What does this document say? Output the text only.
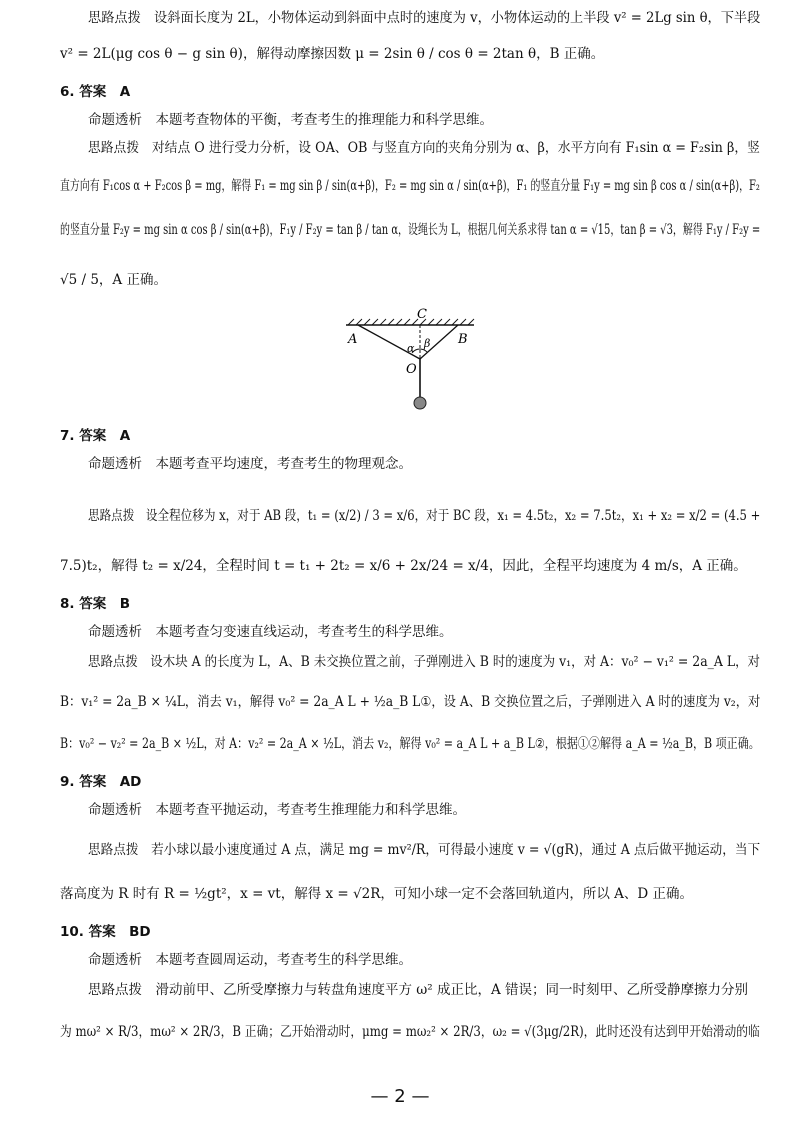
思路点拨　设斜面长度为 2L，小物体运动到斜面中点时的速度为 v，小物体运动的上半段 v² = 2Lg sin θ，下半段
v² = 2L(μg cos θ − g sin θ)，解得动摩擦因数 μ = 2sin θ / cos θ = 2tan θ，B 正确。
6. 答案　A
命题透析　本题考查物体的平衡，考查考生的推理能力和科学思维。
思路点拨　对结点 O 进行受力分析，设 OA、OB 与竖直方向的夹角分别为 α、β，水平方向有 F₁sin α = F₂sin β，竖
直方向有 F₁cos α + F₂cos β = mg，解得 F₁ = mg sin β / sin(α+β)，F₂ = mg sin α / sin(α+β)，F₁ 的竖直分量 F₁y = mg sin β cos α / sin(α+β)，F₂
的竖直分量 F₂y = mg sin α cos β / sin(α+β)，F₁y / F₂y = tan β / tan α，设绳长为 L，根据几何关系求得 tan α = √15，tan β = √3，解得 F₁y / F₂y =
√5 / 5，A 正确。
C
A	B
O
α β
7. 答案　A
命题透析　本题考查平均速度，考查考生的物理观念。
思路点拨　设全程位移为 x，对于 AB 段，t₁ = (x/2) / 3 = x/6，对于 BC 段，x₁ = 4.5t₂，x₂ = 7.5t₂，x₁ + x₂ = x/2 = (4.5 +
7.5)t₂，解得 t₂ = x/24，全程时间 t = t₁ + 2t₂ = x/6 + 2x/24 = x/4，因此，全程平均速度为 4 m/s，A 正确。
8. 答案　B
命题透析　本题考查匀变速直线运动，考查考生的科学思维。
思路点拨　设木块 A 的长度为 L，A、B 未交换位置之前，子弹刚进入 B 时的速度为 v₁，对 A：v₀² − v₁² = 2a_A L，对
B：v₁² = 2a_B × ¼L，消去 v₁，解得 v₀² = 2a_A L + ½a_B L①，设 A、B 交换位置之后，子弹刚进入 A 时的速度为 v₂，对
B：v₀² − v₂² = 2a_B × ½L，对 A：v₂² = 2a_A × ½L，消去 v₂，解得 v₀² = a_A L + a_B L②，根据①②解得 a_A = ½a_B，B 项正确。
9. 答案　AD
命题透析　本题考查平抛运动，考查考生推理能力和科学思维。
思路点拨　若小球以最小速度通过 A 点，满足 mg = mv²/R，可得最小速度 v = √(gR)，通过 A 点后做平抛运动，当下
落高度为 R 时有 R = ½gt²，x = vt，解得 x = √2R，可知小球一定不会落回轨道内，所以 A、D 正确。
10. 答案　BD
命题透析　本题考查圆周运动，考查考生的科学思维。
思路点拨　滑动前甲、乙所受摩擦力与转盘角速度平方 ω² 成正比，A 错误；同一时刻甲、乙所受静摩擦力分别
为 mω² × R/3，mω² × 2R/3，B 正确；乙开始滑动时，μmg = mω₂² × 2R/3，ω₂ = √(3μg/2R)，此时还没有达到甲开始滑动的临
— 2 —
